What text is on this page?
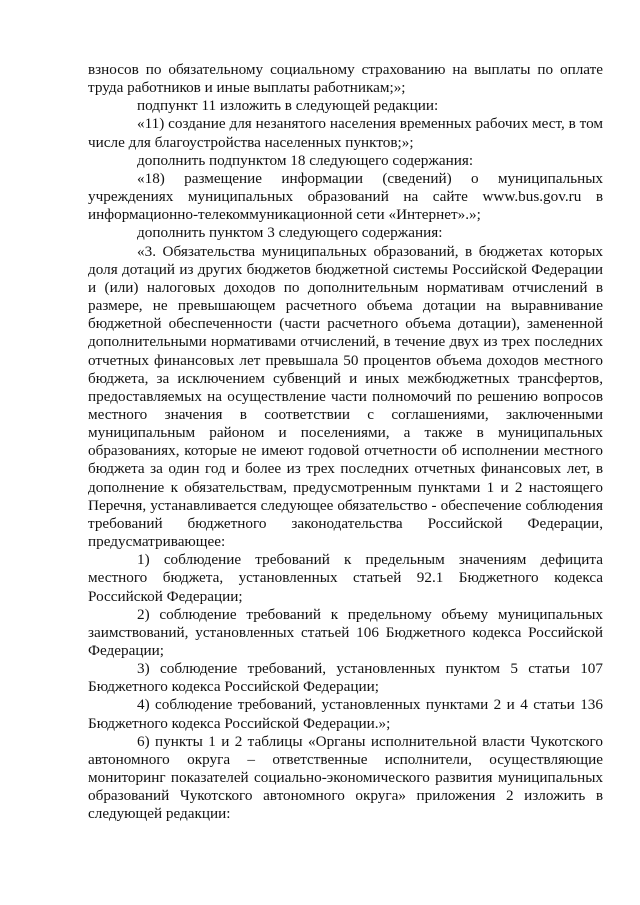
взносов по обязательному социальному страхованию на выплаты по оплате труда работников и иные выплаты работникам;»;

подпункт 11 изложить в следующей редакции:

«11) создание для незанятого населения временных рабочих мест, в том числе для благоустройства населенных пунктов;»;

дополнить подпунктом 18 следующего содержания:

«18) размещение информации (сведений) о муниципальных учреждениях муниципальных образований на сайте www.bus.gov.ru в информационно-телекоммуникационной сети «Интернет».»;

дополнить пунктом 3 следующего содержания:

«3. Обязательства муниципальных образований, в бюджетах которых доля дотаций из других бюджетов бюджетной системы Российской Федерации и (или) налоговых доходов по дополнительным нормативам отчислений в размере, не превышающем расчетного объема дотации на выравнивание бюджетной обеспеченности (части расчетного объема дотации), замененной дополнительными нормативами отчислений, в течение двух из трех последних отчетных финансовых лет превышала 50 процентов объема доходов местного бюджета, за исключением субвенций и иных межбюджетных трансфертов, предоставляемых на осуществление части полномочий по решению вопросов местного значения в соответствии с соглашениями, заключенными муниципальным районом и поселениями, а также в муниципальных образованиях, которые не имеют годовой отчетности об исполнении местного бюджета за один год и более из трех последних отчетных финансовых лет, в дополнение к обязательствам, предусмотренным пунктами 1 и 2 настоящего Перечня, устанавливается следующее обязательство - обеспечение соблюдения требований бюджетного законодательства Российской Федерации, предусматривающее:

1) соблюдение требований к предельным значениям дефицита местного бюджета, установленных статьей 92.1 Бюджетного кодекса Российской Федерации;

2) соблюдение требований к предельному объему муниципальных заимствований, установленных статьей 106 Бюджетного кодекса Российской Федерации;

3) соблюдение требований, установленных пунктом 5 статьи 107 Бюджетного кодекса Российской Федерации;

4) соблюдение требований, установленных пунктами 2 и 4 статьи 136 Бюджетного кодекса Российской Федерации.»;

6) пункты 1 и 2 таблицы «Органы исполнительной власти Чукотского автономного округа – ответственные исполнители, осуществляющие мониторинг показателей социально-экономического развития муниципальных образований Чукотского автономного округа» приложения 2 изложить в следующей редакции:
